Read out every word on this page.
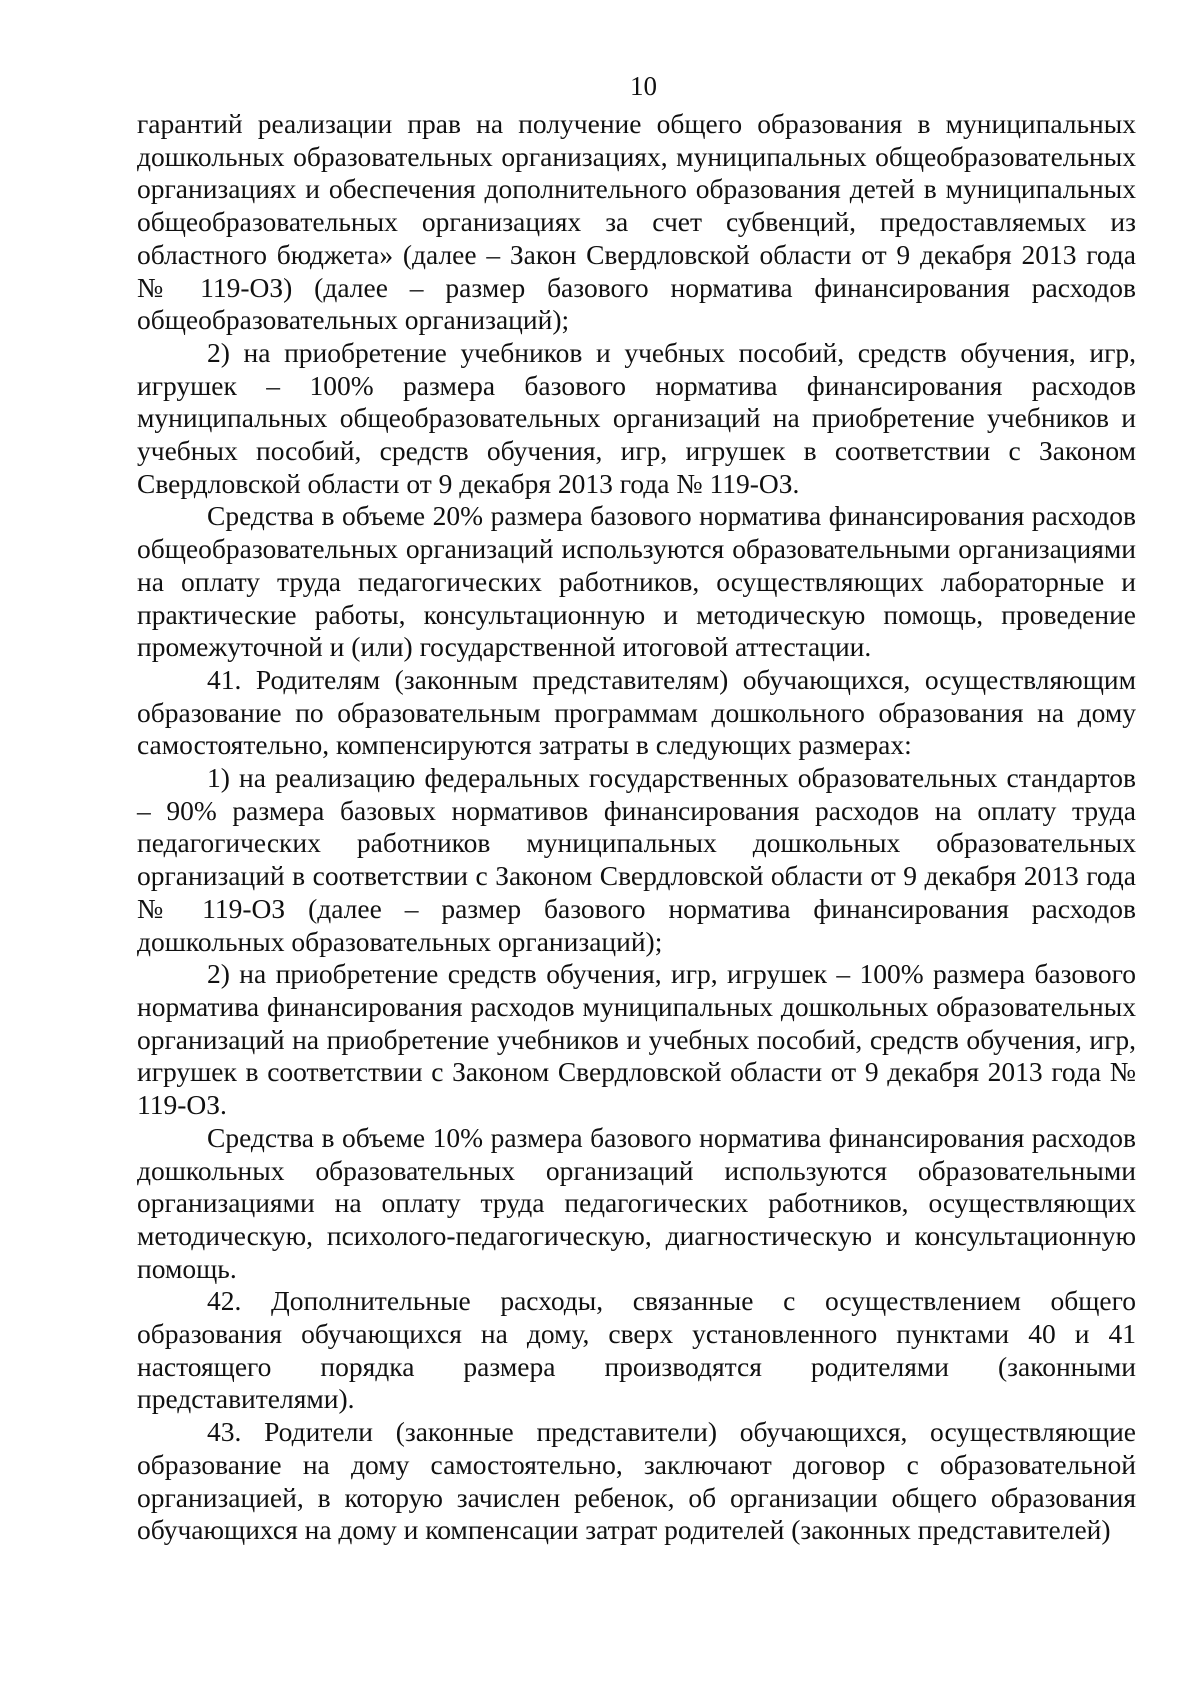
10

гарантий реализации прав на получение общего образования в муниципальных дошкольных образовательных организациях, муниципальных общеобразовательных организациях и обеспечения дополнительного образования детей в муниципальных общеобразовательных организациях за счет субвенций, предоставляемых из областного бюджета» (далее – Закон Свердловской области от 9 декабря 2013 года № 119-ОЗ) (далее – размер базового норматива финансирования расходов общеобразовательных организаций);

2) на приобретение учебников и учебных пособий, средств обучения, игр, игрушек – 100% размера базового норматива финансирования расходов муниципальных общеобразовательных организаций на приобретение учебников и учебных пособий, средств обучения, игр, игрушек в соответствии с Законом Свердловской области от 9 декабря 2013 года № 119-ОЗ.

Средства в объеме 20% размера базового норматива финансирования расходов общеобразовательных организаций используются образовательными организациями на оплату труда педагогических работников, осуществляющих лабораторные и практические работы, консультационную и методическую помощь, проведение промежуточной и (или) государственной итоговой аттестации.

41. Родителям (законным представителям) обучающихся, осуществляющим образование по образовательным программам дошкольного образования на дому самостоятельно, компенсируются затраты в следующих размерах:

1) на реализацию федеральных государственных образовательных стандартов – 90% размера базовых нормативов финансирования расходов на оплату труда педагогических работников муниципальных дошкольных образовательных организаций в соответствии с Законом Свердловской области от 9 декабря 2013 года № 119-ОЗ (далее – размер базового норматива финансирования расходов дошкольных образовательных организаций);

2) на приобретение средств обучения, игр, игрушек – 100% размера базового норматива финансирования расходов муниципальных дошкольных образовательных организаций на приобретение учебников и учебных пособий, средств обучения, игр, игрушек в соответствии с Законом Свердловской области от 9 декабря 2013 года № 119-ОЗ.

Средства в объеме 10% размера базового норматива финансирования расходов дошкольных образовательных организаций используются образовательными организациями на оплату труда педагогических работников, осуществляющих методическую, психолого-педагогическую, диагностическую и консультационную помощь.

42. Дополнительные расходы, связанные с осуществлением общего образования обучающихся на дому, сверх установленного пунктами 40 и 41 настоящего порядка размера производятся родителями (законными представителями).

43. Родители (законные представители) обучающихся, осуществляющие образование на дому самостоятельно, заключают договор с образовательной организацией, в которую зачислен ребенок, об организации общего образования обучающихся на дому и компенсации затрат родителей (законных представителей)
